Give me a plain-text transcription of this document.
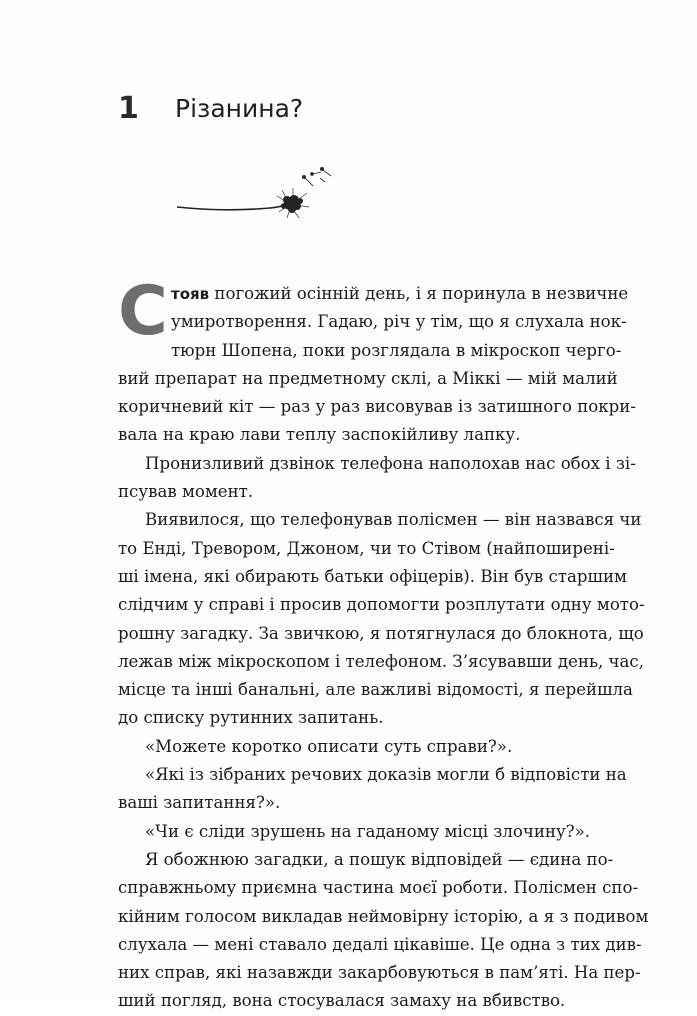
1 Різанина?
С тояв погожий осінній день, і я поринула в незвичне
умиротворення. Гадаю, річ у тім, що я слухала нок-
тюрн Шопена, поки розглядала в мікроскоп черго-
вий препарат на предметному склі, а Міккі — мій малий
коричневий кіт — раз у раз висовував із затишного покри-
вала на краю лави теплу заспокійливу лапку.
Пронизливий дзвінок телефона наполохав нас обох і зі-
псував момент.
Виявилося, що телефонував полісмен — він назвався чи
то Енді, Тревором, Джоном, чи то Стівом (найпоширені-
ші імена, які обирають батьки офіцерів). Він був старшим
слідчим у справі і просив допомогти розплутати одну мото-
рошну загадку. За звичкою, я потягнулася до блокнота, що
лежав між мікроскопом і телефоном. З’ясувавши день, час,
місце та інші банальні, але важливі відомості, я перейшла
до списку рутинних запитань.
«Можете коротко описати суть справи?».
«Які із зібраних речових доказів могли б відповісти на
ваші запитання?».
«Чи є сліди зрушень на гаданому місці злочину?».
Я обожнюю загадки, а пошук відповідей — єдина по-
справжньому приємна частина моєї роботи. Полісмен спо-
кійним голосом викладав неймовірну історію, а я з подивом
слухала — мені ставало дедалі цікавіше. Це одна з тих див-
них справ, які назавжди закарбовуються в пам’яті. На пер-
ший погляд, вона стосувалася замаху на вбивство.
